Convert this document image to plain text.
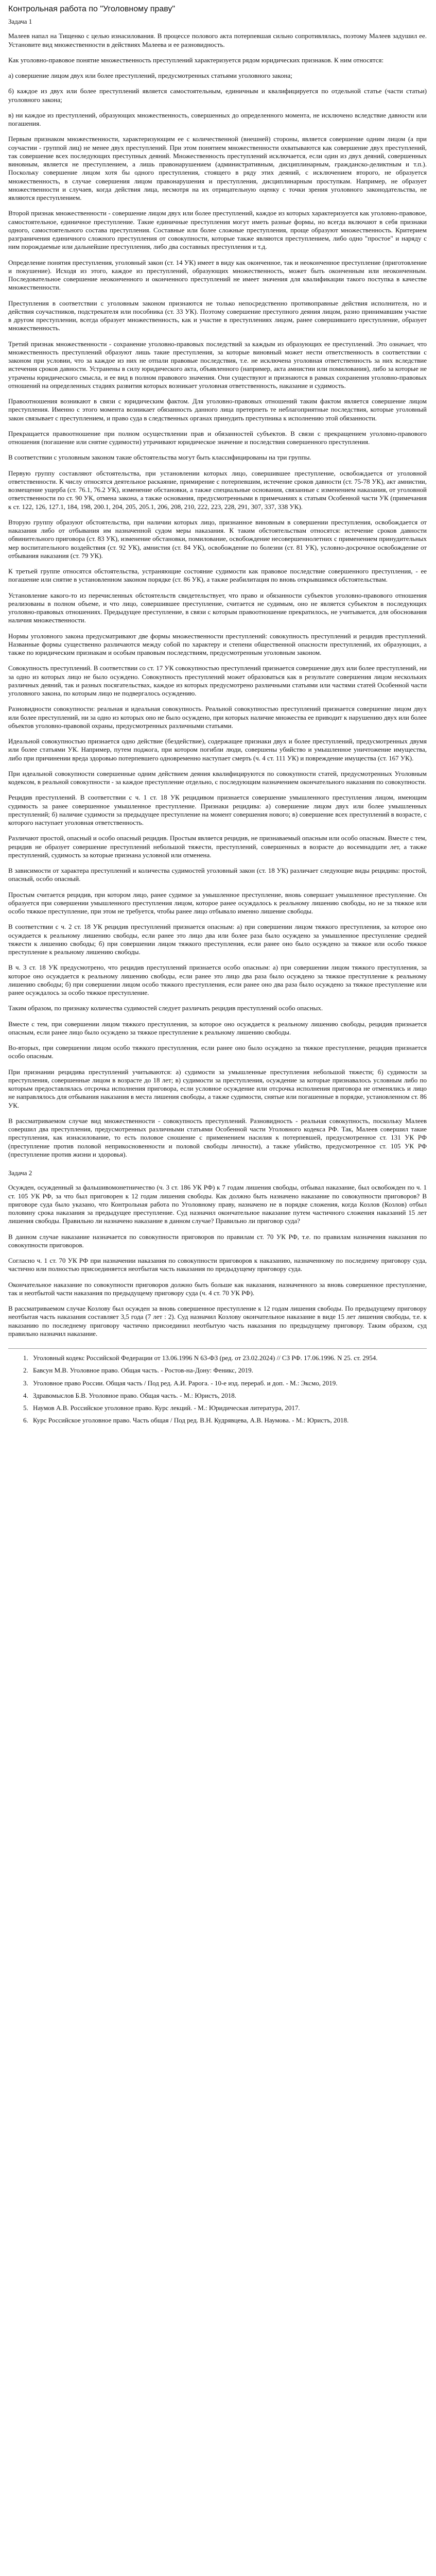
Контрольная работа по "Уголовному праву"
Задача 1

Малеев напал на Тищенко с целью изнасилования. В процессе полового акта потерпевшая сильно сопротивлялась, поэтому Малеев задушил ее. Установите вид множественности в действиях Малеева и ее разновидность.

Как уголовно-правовое понятие множественность преступлений характеризуется рядом юридических признаков. К ним относятся:

а) совершение лицом двух или более преступлений, предусмотренных статьями уголовного закона;

б) каждое из двух или более преступлений является самостоятельным, единичным и квалифицируется по отдельной статье (части статьи) уголовного закона;

в) ни каждое из преступлений, образующих множественность, совершенных до определенного момента, не исключено вследствие давности или погашения.

Первым признаком множественности, характеризующим ее с количественной (внешней) стороны, является совершение одним лицом (а при соучастии - группой лиц) не менее двух преступлений. При этом понятием множественности охватываются как совершение двух преступлений, так совершение всех последующих преступных деяний. Множественность преступлений исключается, если один из двух деяний, совершенных виновным, является не преступлением, а лишь правонарушением (административным, дисциплинарным, гражданско-деликтным и т.п.). Поскольку совершение лицом хотя бы одного преступления, стоящего в ряду этих деяний, с исключением второго, не образуется множественность, в случае совершения лицом правонарушения и преступления, дисциплинарным проступкам. Например, не образует множественности и случаев, когда действия лица, несмотря на их отрицательную оценку с точки зрения уголовного законодательства, не являются преступлением.

Второй признак множественности - совершение лицом двух или более преступлений, каждое из которых характеризуется как уголовно-правовое, самостоятельное, единичное преступление. Такие единичные преступления могут иметь разные формы, но всегда включают в себя признаки одного, самостоятельного состава преступления. Составные или более сложные преступления, проще образуют множественность. Критерием разграничения единичного сложного преступления от совокупности, которые также являются преступлением, либо одно "простое" и наряду с ним порождаемые или дальнейшие преступления, либо два составных преступления и т.д.

Определение понятия преступления, уголовный закон (ст. 14 УК) имеет в виду как оконченное, так и неоконченное преступление (приготовление и покушение). Исходя из этого, каждое из преступлений, образующих множественность, может быть оконченным или неоконченным. Последовательное совершение неоконченного и оконченного преступлений не имеет значения для квалификации такого поступка в качестве множественности.

Преступления в соответствии с уголовным законом признаются не только непосредственно противоправные действия исполнителя, но и действия соучастников, подстрекателя или пособника (ст. 33 УК). Поэтому совершение преступного деяния лицом, разно принимавшим участие в другом преступлении, всегда образует множественность, как и участие в преступлениях лицом, ранее совершившего преступление, образует множественность.

Третий признак множественности - сохранение уголовно-правовых последствий за каждым из образующих ее преступлений. Это означает, что множественность преступлений образуют лишь такие преступления, за которые виновный может нести ответственность в соответствии с законом при условии, что за каждое из них не отпали правовые последствия, т.е. не исключена уголовная ответственность за них вследствие истечения сроков давности. Устранены в силу юридического акта, объявленного (например, акта амнистии или помилования), либо за которые не утрачены юридического смысла, и ее вид в полном правового значения. Они существуют и признаются в рамках сохранения уголовно-правовых отношений на определенных стадиях развития которых возникает уголовная ответственность, наказание и судимость.

Правоотношения возникают в связи с юридическим фактом. Для уголовно-правовых отношений таким фактом является совершение лицом преступления. Именно с этого момента возникает обязанность данного лица претерпеть те неблагоприятные последствия, которые уголовный закон связывает с преступлением, и право суда в следственных органах принудить преступника к исполнению этой обязанности.

Прекращается правоотношение при полном осуществлении прав и обязанностей субъектов. В связи с прекращением уголовно-правового отношения (погашение или снятие судимости) утрачивают юридическое значение и последствия совершенного преступления.

В соответствии с уголовным законом такие обстоятельства могут быть классифицированы на три группы.

Первую группу составляют обстоятельства, при установлении которых лицо, совершившее преступление, освобождается от уголовной ответственности. К числу относятся деятельное раскаяние, примирение с потерпевшим, истечение сроков давности (ст. 75-78 УК), акт амнистии, возмещение ущерба (ст. 76.1, 76.2 УК), изменение обстановки, а также специальные основания, связанные с изменением наказания, от уголовной ответственности по ст. 90 УК, отмена закона, а также основания, предусмотренными в примечаниях к статьям Особенной части УК (примечания к ст. 122, 126, 127.1, 184, 198, 200.1, 204, 205, 205.1, 206, 208, 210, 222, 223, 228, 291, 307, 337, 338 УК).

Вторую группу образуют обстоятельства, при наличии которых лицо, признанное виновным в совершении преступления, освобождается от наказания либо от отбывания им назначенной судом меры наказания. К таким обстоятельствам относятся: истечение сроков давности обвинительного приговора (ст. 83 УК), изменение обстановки, помилование, освобождение несовершеннолетних с применением принудительных мер воспитательного воздействия (ст. 92 УК), амнистия (ст. 84 УК), освобождение по болезни (ст. 81 УК), условно-досрочное освобождение от отбывания наказания (ст. 79 УК).

К третьей группе относятся обстоятельства, устраняющие состояние судимости как правовое последствие совершенного преступления, - ее погашение или снятие в установленном законом порядке (ст. 86 УК), а также реабилитация по вновь открывшимся обстоятельствам.

Установление какого-то из перечисленных обстоятельств свидетельствует, что право и обязанности субъектов уголовно-правового отношения реализованы в полном объеме, и что лицо, совершившее преступление, считается не судимым, оно не является субъектом в последующих уголовно-правовых отношениях. Предыдущее преступление, в связи с которым правоотношение прекратилось, не учитывается, для обоснования наличия множественности.

Нормы уголовного закона предусматривают две формы множественности преступлений: совокупность преступлений и рецидив преступлений. Названные формы существенно различаются между собой по характеру и степени общественной опасности преступлений, их образующих, а также по юридическим признакам и особым правовым последствиям, предусмотренным уголовным законом.

Совокупность преступлений. В соответствии со ст. 17 УК совокупностью преступлений признается совершение двух или более преступлений, ни за одно из которых лицо не было осуждено. Совокупность преступлений может образоваться как в результате совершения лицом нескольких различных деяний, так и разных посягательствах, каждое из которых предусмотрено различными статьями или частями статей Особенной части уголовного закона, по которым лицо не подвергалось осуждению.

Разновидности совокупности: реальная и идеальная совокупность. Реальной совокупностью преступлений признается совершение лицом двух или более преступлений, ни за одно из которых оно не было осуждено, при которых наличие множества ее приводит к нарушению двух или более объектов уголовно-правовой охраны, предусмотренных различными статьями.

Идеальной совокупностью признается одно действие (бездействие), содержащее признаки двух и более преступлений, предусмотренных двумя или более статьями УК. Например, путем поджога, при котором погибли люди, совершены убийство и умышленное уничтожение имущества, либо при причинении вреда здоровью потерпевшего одновременно наступает смерть (ч. 4 ст. 111 УК) и повреждение имущества (ст. 167 УК).

При идеальной совокупности совершенные одним действием деяния квалифицируются по совокупности статей, предусмотренных Уголовным кодексом, в реальной совокупности - за каждое преступление отдельно, с последующим назначением окончательного наказания по совокупности.

Рецидив преступлений. В соответствии с ч. 1 ст. 18 УК рецидивом признается совершение умышленного преступления лицом, имеющим судимость за ранее совершенное умышленное преступление. Признаки рецидива: а) совершение лицом двух или более умышленных преступлений; б) наличие судимости за предыдущее преступление на момент совершения нового; в) совершение всех преступлений в возрасте, с которого наступает уголовная ответственность.

Различают простой, опасный и особо опасный рецидив. Простым является рецидив, не признаваемый опасным или особо опасным. Вместе с тем, рецидив не образует совершение преступлений небольшой тяжести, преступлений, совершенных в возрасте до восемнадцати лет, а также преступлений, судимость за которые признана условной или отменена.

В зависимости от характера преступлений и количества судимостей уголовный закон (ст. 18 УК) различает следующие виды рецидива: простой, опасный, особо опасный.

Простым считается рецидив, при котором лицо, ранее судимое за умышленное преступление, вновь совершает умышленное преступление. Он образуется при совершении умышленного преступления лицом, которое ранее осуждалось к реальному лишению свободы, но не за тяжкое или особо тяжкое преступление, при этом не требуется, чтобы ранее лицо отбывало именно лишение свободы.

В соответствии с ч. 2 ст. 18 УК рецидив преступлений признается опасным: а) при совершении лицом тяжкого преступления, за которое оно осуждается к реальному лишению свободы, если ранее это лицо два или более раза было осуждено за умышленное преступление средней тяжести к лишению свободы; б) при совершении лицом тяжкого преступления, если ранее оно было осуждено за тяжкое или особо тяжкое преступление к реальному лишению свободы.

В ч. 3 ст. 18 УК предусмотрено, что рецидив преступлений признается особо опасным: а) при совершении лицом тяжкого преступления, за которое оно осуждается к реальному лишению свободы, если ранее это лицо два раза было осуждено за тяжкое преступление к реальному лишению свободы; б) при совершении лицом особо тяжкого преступления, если ранее оно два раза было осуждено за тяжкое преступление или ранее осуждалось за особо тяжкое преступление.

Таким образом, по признаку количества судимостей следует различать рецидив преступлений особо опасных.

Вместе с тем, при совершении лицом тяжкого преступления, за которое оно осуждается к реальному лишению свободы, рецидив признается опасным, если ранее лицо было осуждено за тяжкое преступление к реальному лишению свободы.

Во-вторых, при совершении лицом особо тяжкого преступления, если ранее оно было осуждено за тяжкое преступление, рецидив признается особо опасным.

При признании рецидива преступлений учитываются: а) судимости за умышленные преступления небольшой тяжести; б) судимости за преступления, совершенные лицом в возрасте до 18 лет; в) судимости за преступления, осуждение за которые признавалось условным либо по которым предоставлялась отсрочка исполнения приговора, если условное осуждение или отсрочка исполнения приговора не отменялись и лицо не направлялось для отбывания наказания в места лишения свободы, а также судимости, снятые или погашенные в порядке, установленном ст. 86 УК.

В рассматриваемом случае вид множественности - совокупность преступлений. Разновидность - реальная совокупность, поскольку Малеев совершил два преступления, предусмотренных различными статьями Особенной части Уголовного кодекса РФ. Так, Малеев совершил такие преступления, как изнасилование, то есть половое сношение с применением насилия к потерпевшей, предусмотренное ст. 131 УК РФ (преступление против половой неприкосновенности и половой свободы личности), а также убийство, предусмотренное ст. 105 УК РФ (преступление против жизни и здоровья).

Задача 2

Осужден, осужденный за фальшивомонетничество (ч. 3 ст. 186 УК РФ) к 7 годам лишения свободы, отбывал наказание, был освобожден по ч. 1 ст. 105 УК РФ, за что был приговорен к 12 годам лишения свободы. Как должно быть назначено наказание по совокупности приговоров? В приговоре суда было указано, что Контрольная работа по Уголовному праву, назначено не в порядке сложения, когда Козлов (Козлов) отбыл половину срока наказания за предыдущее преступление. Суд назначил окончательное наказание путем частичного сложения наказаний 15 лет лишения свободы. Правильно ли назначено наказание в данном случае? Правильно ли приговор суда?

В данном случае наказание назначается по совокупности приговоров по правилам ст. 70 УК РФ, т.е. по правилам назначения наказания по совокупности приговоров.

Согласно ч. 1 ст. 70 УК РФ при назначении наказания по совокупности приговоров к наказанию, назначенному по последнему приговору суда, частично или полностью присоединяется неотбытая часть наказания по предыдущему приговору суда.

Окончательное наказание по совокупности приговоров должно быть больше как наказания, назначенного за вновь совершенное преступление, так и неотбытой части наказания по предыдущему приговору суда (ч. 4 ст. 70 УК РФ).

В рассматриваемом случае Козлову был осужден за вновь совершенное преступление к 12 годам лишения свободы. По предыдущему приговору неотбытая часть наказания составляет 3,5 года (7 лет : 2). Суд назначил Козлову окончательное наказание в виде 15 лет лишения свободы, т.е. к наказанию по последнему приговору частично присоединил неотбытую часть наказания по предыдущему приговору. Таким образом, суд правильно назначил наказание.

1. Уголовный кодекс Российской Федерации от 13.06.1996 N 63-ФЗ (ред. от 23.02.2024) // СЗ РФ. 17.06.1996. N 25. ст. 2954.
2. Бавсун М.В. Уголовное право. Общая часть. - Ростов-на-Дону: Феникс, 2019.
3. Уголовное право России. Общая часть / Под ред. А.И. Рарога. - 10-е изд. перераб. и доп. - М.: Эксмо, 2019.
4. Здравомыслов Б.В. Уголовное право. Общая часть. - М.: Юристъ, 2018.
5. Наумов А.В. Российское уголовное право. Курс лекций. - М.: Юридическая литература, 2017.
6. Курс Российское уголовное право. Часть общая / Под ред. В.Н. Кудрявцева, А.В. Наумова. - М.: Юристъ, 2018.
